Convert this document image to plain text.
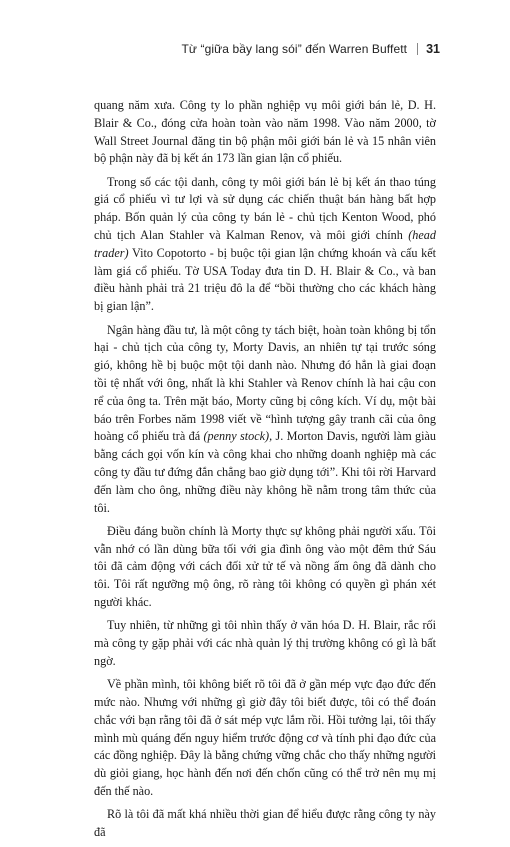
Từ “giữa bầy lang sói” đến Warren Buffett 31

quang năm xưa. Công ty lo phần nghiệp vụ môi giới bán lẻ, D. H. Blair & Co., đóng cửa hoàn toàn vào năm 1998. Vào năm 2000, tờ Wall Street Journal đăng tin bộ phận môi giới bán lẻ và 15 nhân viên bộ phận này đã bị kết án 173 lần gian lận cổ phiếu.

Trong số các tội danh, công ty môi giới bán lẻ bị kết án thao túng giá cổ phiếu vì tư lợi và sử dụng các chiến thuật bán hàng bất hợp pháp. Bốn quản lý của công ty bán lẻ - chủ tịch Kenton Wood, phó chủ tịch Alan Stahler và Kalman Renov, và môi giới chính (head trader) Vito Copotorto - bị buộc tội gian lận chứng khoán và cấu kết làm giá cổ phiếu. Tờ USA Today đưa tin D. H. Blair & Co., và ban điều hành phải trả 21 triệu đô la để “bồi thường cho các khách hàng bị gian lận”.

Ngân hàng đầu tư, là một công ty tách biệt, hoàn toàn không bị tổn hại - chủ tịch của công ty, Morty Davis, an nhiên tự tại trước sóng gió, không hề bị buộc một tội danh nào. Nhưng đó hẳn là giai đoạn tồi tệ nhất với ông, nhất là khi Stahler và Renov chính là hai cậu con rể của ông ta. Trên mặt báo, Morty cũng bị công kích. Ví dụ, một bài báo trên Forbes năm 1998 viết về “hình tượng gây tranh cãi của ông hoàng cổ phiếu trà đá (penny stock), J. Morton Davis, người làm giàu bằng cách gọi vốn kín và công khai cho những doanh nghiệp mà các công ty đầu tư đứng đắn chẳng bao giờ dụng tới”. Khi tôi rời Harvard đến làm cho ông, những điều này không hề nằm trong tâm thức của tôi.

Điều đáng buồn chính là Morty thực sự không phải người xấu. Tôi vẫn nhớ có lần dùng bữa tối với gia đình ông vào một đêm thứ Sáu tôi đã cảm động với cách đối xử tử tế và nồng ấm ông đã dành cho tôi. Tôi rất ngưỡng mộ ông, rõ ràng tôi không có quyền gì phán xét người khác.

Tuy nhiên, từ những gì tôi nhìn thấy ở văn hóa D. H. Blair, rắc rối mà công ty gặp phải với các nhà quản lý thị trường không có gì là bất ngờ.

Về phần mình, tôi không biết rõ tôi đã ở gần mép vực đạo đức đến mức nào. Nhưng với những gì giờ đây tôi biết được, tôi có thể đoán chắc với bạn rằng tôi đã ở sát mép vực lắm rồi. Hồi tưởng lại, tôi thấy mình mù quáng đến nguy hiểm trước động cơ và tính phi đạo đức của các đồng nghiệp. Đây là bằng chứng vững chắc cho thấy những người dù giỏi giang, học hành đến nơi đến chốn cũng có thể trở nên mụ mị đến thế nào.

Rõ là tôi đã mất khá nhiều thời gian để hiểu được rằng công ty này đã
